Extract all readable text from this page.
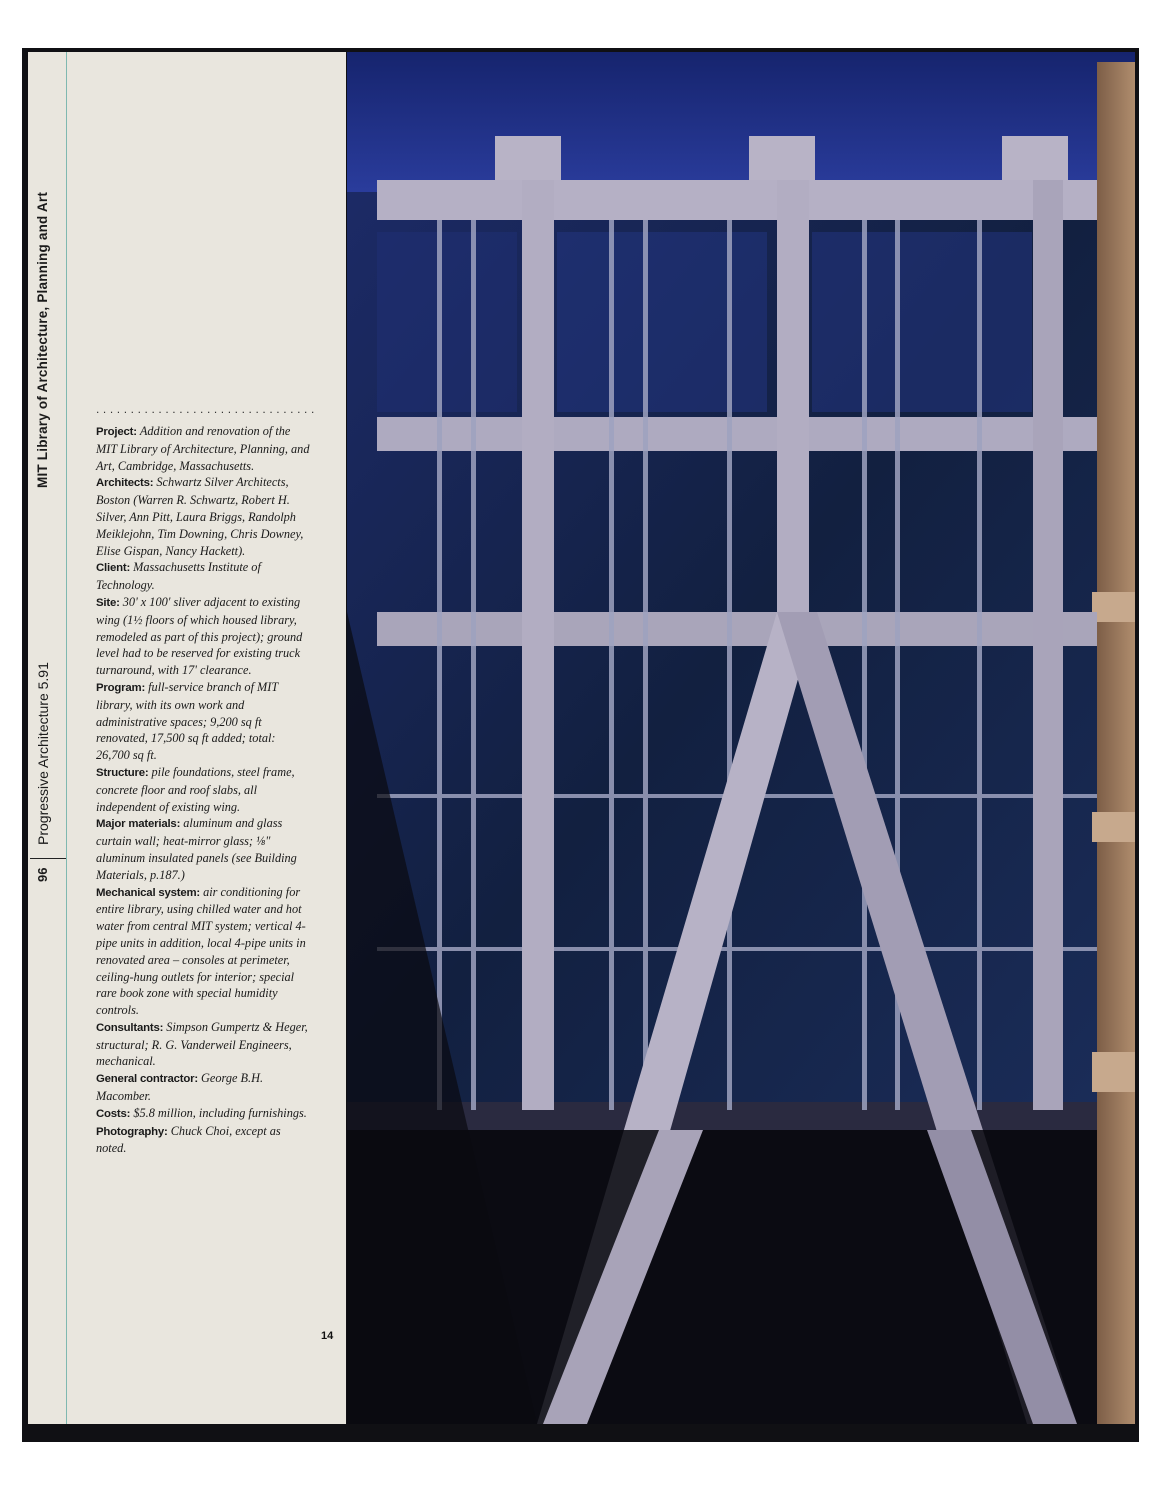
MIT Library of Architecture, Planning and Art
Progressive Architecture 5.91
96
................................

Project: Addition and renovation of the MIT Library of Architecture, Planning, and Art, Cambridge, Massachusetts.

Architects: Schwartz Silver Architects, Boston (Warren R. Schwartz, Robert H. Silver, Ann Pitt, Laura Briggs, Randolph Meiklejohn, Tim Downing, Chris Downey, Elise Gispan, Nancy Hackett).

Client: Massachusetts Institute of Technology.

Site: 30' x 100' sliver adjacent to existing wing (1½ floors of which housed library, remodeled as part of this project); ground level had to be reserved for existing truck turnaround, with 17' clearance.

Program: full-service branch of MIT library, with its own work and administrative spaces; 9,200 sq ft renovated, 17,500 sq ft added; total: 26,700 sq ft.

Structure: pile foundations, steel frame, concrete floor and roof slabs, all independent of existing wing.

Major materials: aluminum and glass curtain wall; heat-mirror glass; ⅛" aluminum insulated panels (see Building Materials, p.187.)

Mechanical system: air conditioning for entire library, using chilled water and hot water from central MIT system; vertical 4-pipe units in addition, local 4-pipe units in renovated area – consoles at perimeter, ceiling-hung outlets for interior; special rare book zone with special humidity controls.

Consultants: Simpson Gumpertz & Heger, structural; R. G. Vanderweil Engineers, mechanical.

General contractor: George B.H. Macomber.

Costs: $5.8 million, including furnishings.

Photography: Chuck Choi, except as noted.

14
